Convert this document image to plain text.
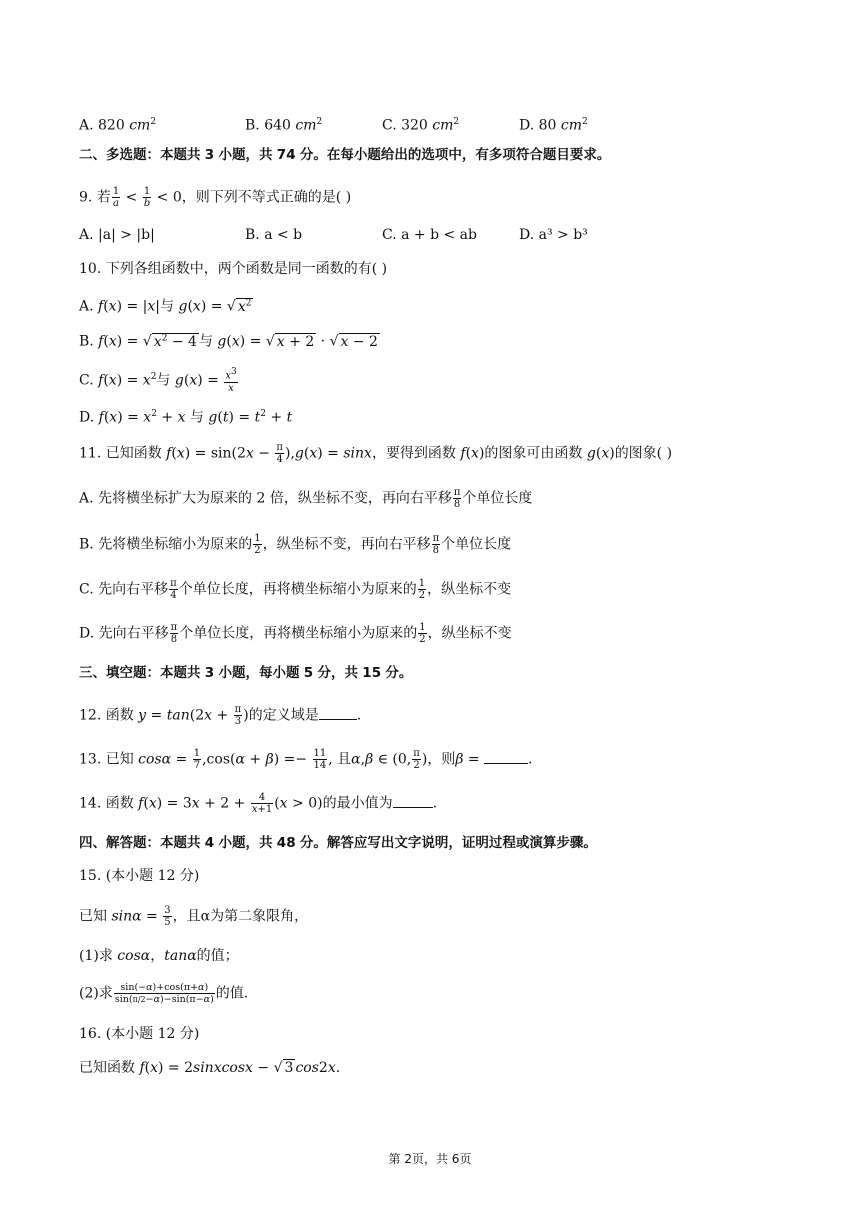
A. 820 $cm^2$	B. 640 $cm^2$	C. 320 $cm^2$	D. 80 $cm^2$
二、多选题：本题共 3 小题，共 74 分。在每小题给出的选项中，有多项符合题目要求。
9. 若 $\frac{1}{a} < \frac{1}{b} < 0$，则下列不等式正确的是( )
A. |a| > |b|	B. a < b	C. a + b < ab	D. a³ > b³
10. 下列各组函数中，两个函数是同一函数的有( )
A. f(x) = |x|与 g(x) = √ $x^2$
B. f(x) = √ $x^2 - 4$ 与 g(x) = √ x + 2 · √ x − 2
C. $f(x) = x^2$与 $g(x) = \frac{x^3}{x}$
D. $f(x) = x^2 + x$ 与 $g(t) = t^2 + t$
11. 已知函数 $f(x) = \sin(2x - \frac{\pi}{4} ),g(x) = \sin x$，要得到函数 f(x)的图象可由函数 g(x)的图象( )
A. 先将横坐标扩大为原来的 2 倍，纵坐标不变，再向右平移 $\frac{\pi}{8}$ 个单位长度
B. 先将横坐标缩小为原来的 $\frac{1}{2}$ ，纵坐标不变，再向右平移 $\frac{\pi}{8}$ 个单位长度
C. 先向右平移 $\frac{\pi}{4}$ 个单位长度，再将横坐标缩小为原来的 $\frac{1}{2}$ ，纵坐标不变
D. 先向右平移 $\frac{\pi}{8}$ 个单位长度，再将横坐标缩小为原来的 $\frac{1}{2}$ ，纵坐标不变
三、填空题：本题共 3 小题，每小题 5 分，共 15 分。
12. 函数 $y = \tan(2x + \frac{\pi}{3}$ )的定义域是	.
13. 已知 $\cos\alpha = \frac{1}{7} ,\cos(\alpha + \beta) =- \frac{11}{14}$ , 且α,β ∈ (0, $\frac{\pi}{2}$ )，则β =	.
14. 函数 $f(x) = 3x + 2 + \frac{4}{x+1} (x > 0)$的最小值为	.
四、解答题：本题共 4 小题，共 48 分。解答应写出文字说明，证明过程或演算步骤。
15. (本小题 12 分)
已知 $\sin\alpha = \frac{3}{5}$ ，且α为第二象限角，
(1)求 cosα，tanα的值；
(2)求 $\frac{\sin(-\alpha)+\cos(\pi+\alpha)}{\sin(\pi/2-\alpha)-\sin(\pi-\alpha)}$ 的值.
16. (本小题 12 分)
已知函数 f(x) = 2sinxcosx − √ 3 cos2x.
第 2页，共 6页
